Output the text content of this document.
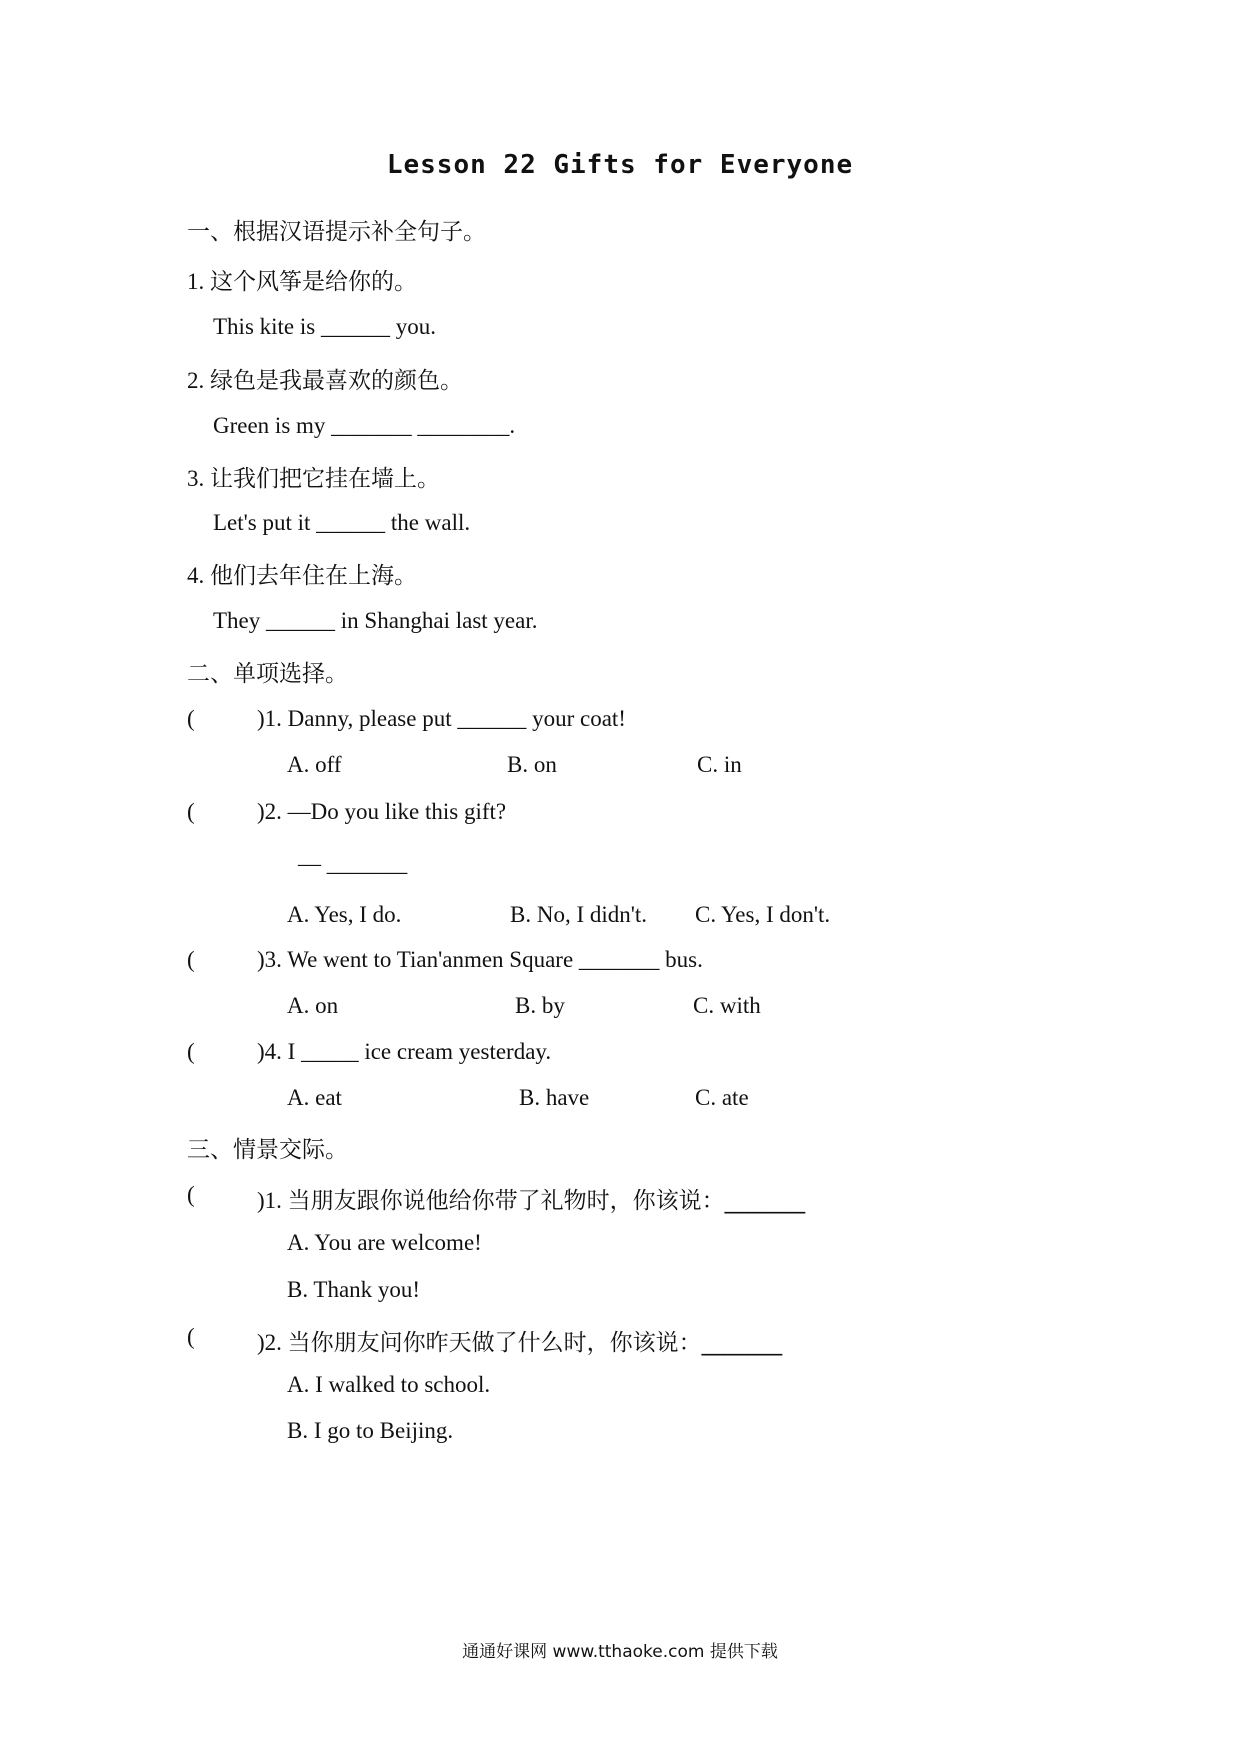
Lesson 22 Gifts for Everyone
一、根据汉语提示补全句子。
1. 这个风筝是给你的。
This kite is ______ you.
2. 绿色是我最喜欢的颜色。
Green is my _______ ________.
3. 让我们把它挂在墙上。
Let's put it ______ the wall.
4. 他们去年住在上海。
They ______ in Shanghai last year.
二、单项选择。
(	)1. Danny, please put ______ your coat!
A. off	B. on	C. in
(	)2. —Do you like this gift?
— _______
A. Yes, I do.	B. No, I didn't. C. Yes, I don't.
(	)3. We went to Tian'anmen Square _______ bus.
A. on	B. by	C. with
(	)4. I _____ ice cream yesterday.
A. eat	B. have	C. ate
三、情景交际。
(	)1. 当朋友跟你说他给你带了礼物时，你该说：_______
A. You are welcome!
B. Thank you!
(	)2. 当你朋友问你昨天做了什么时，你该说：_______
A. I walked to school.
B. I go to Beijing.
通通好课网 www.tthaoke.com 提供下载
